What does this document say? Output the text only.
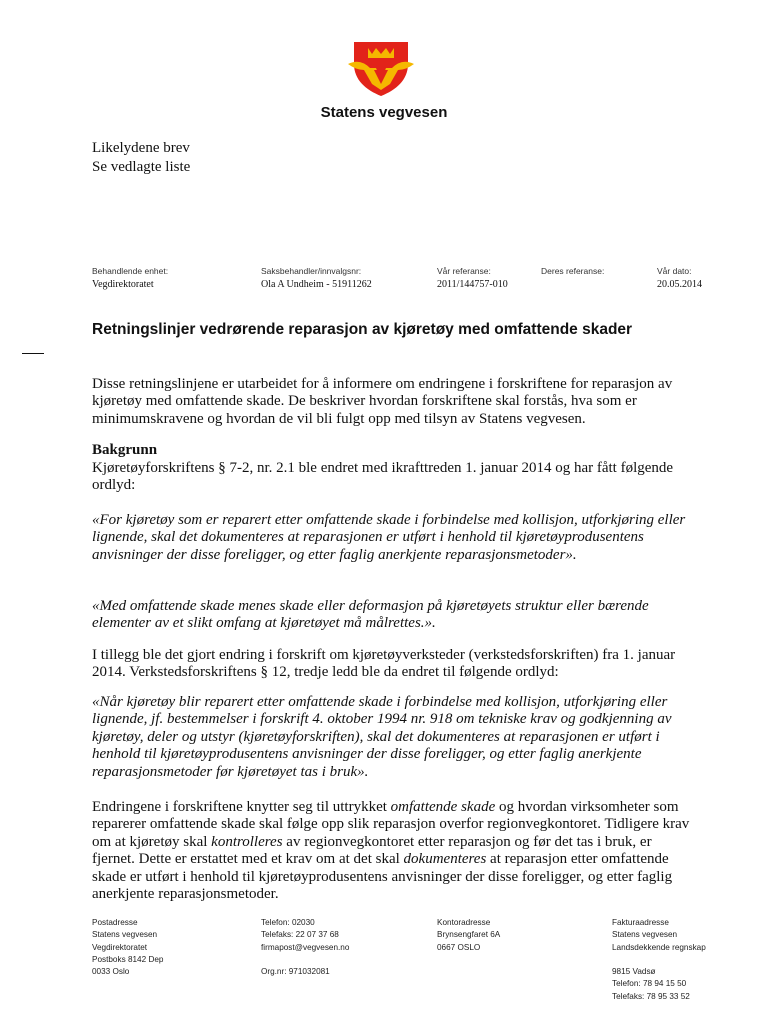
Statens vegvesen
Likelydene brev
Se vedlagte liste
Behandlende enhet:
Vegdirektoratet
Saksbehandler/innvalgsnr:
Ola A Undheim - 51911262
Vår referanse:
2011/144757-010
Deres referanse:	Vår dato:
20.05.2014
Retningslinjer vedrørende reparasjon av kjøretøy med omfattende skader

Disse retningslinjene er utarbeidet for å informere om endringene i forskriftene for reparasjon av kjøretøy med omfattende skade. De beskriver hvordan forskriftene skal forstås, hva som er minimumskravene og hvordan de vil bli fulgt opp med tilsyn av Statens vegvesen.

Bakgrunn

Kjøretøyforskriftens § 7-2, nr. 2.1 ble endret med ikrafttreden 1. januar 2014 og har fått følgende ordlyd:

«For kjøretøy som er reparert etter omfattende skade i forbindelse med kollisjon, utforkjøring eller lignende, skal det dokumenteres at reparasjonen er utført i henhold til kjøretøyprodusentens anvisninger der disse foreligger, og etter faglig anerkjente reparasjonsmetoder».

«Med omfattende skade menes skade eller deformasjon på kjøretøyets struktur eller bærende elementer av et slikt omfang at kjøretøyet må målrettes.».

I tillegg ble det gjort endring i forskrift om kjøretøyverksteder (verkstedsforskriften) fra 1. januar 2014. Verkstedsforskriftens § 12, tredje ledd ble da endret til følgende ordlyd:

«Når kjøretøy blir reparert etter omfattende skade i forbindelse med kollisjon, utforkjøring eller lignende, jf. bestemmelser i forskrift 4. oktober 1994 nr. 918 om tekniske krav og godkjenning av kjøretøy, deler og utstyr (kjøretøyforskriften), skal det dokumenteres at reparasjonen er utført i henhold til kjøretøyprodusentens anvisninger der disse foreligger, og etter faglig anerkjente reparasjonsmetoder før kjøretøyet tas i bruk».

Endringene i forskriftene knytter seg til uttrykket omfattende skade og hvordan virksomheter som reparerer omfattende skade skal følge opp slik reparasjon overfor regionvegkontoret. Tidligere krav om at kjøretøy skal kontrolleres av regionvegkontoret etter reparasjon og før det tas i bruk, er fjernet. Dette er erstattet med et krav om at det skal dokumenteres at reparasjon etter omfattende skade er utført i henhold til kjøretøyprodusentens anvisninger der disse foreligger, og etter faglig anerkjente reparasjonsmetoder.

Postadresse
Statens vegvesen
Vegdirektoratet
Postboks 8142 Dep
0033 Oslo
Telefon: 02030
Telefaks: 22 07 37 68
firmapost@vegvesen.no

Org.nr: 971032081
Kontoradresse
Brynsengfaret 6A
0667 OSLO
Fakturaadresse
Statens vegvesen
Landsdekkende regnskap

9815 Vadsø
Telefon: 78 94 15 50
Telefaks: 78 95 33 52
